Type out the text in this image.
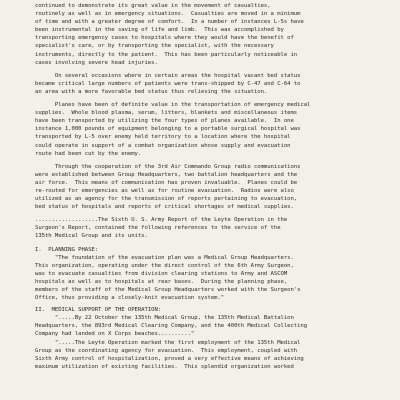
continued to demonstrate its great value in the movement of casualties,
routinely as well as in emergency situations.  Casualties are moved in a minimum
of time and with a greater degree of comfort.  In a number of instances L-5s have
been instrumental in the saving of life and limb.  This was accomplished by
transporting emergency cases to hospitals where they would have the benefit of
specialist's care, or by transporting the specialist, with the necessary
instruments, directly to the patient.  This has been particularly noticeable in
cases involving severe head injuries.
On several occasions where in certain areas the hospital vacant bed status
became critical large numbers of patients were trans-shipped by C-47 and C-64 to
an area with a more favorable bed status thus relieving the situation.
Planes have been of definite value in the transportation of emergency medical
supplies.  Whole blood plasma, serum, litters, blankets and miscellaneous items
have been transported by utilizing the four types of planes available.  In one
instance 1,000 pounds of equipment belonging to a portable surgical hospital was
transported by L-5 over enemy held territory to a location where the hospital
could operate in support of a combat organization whose supply and evacuation
route had been cut by the enemy.
Through the cooperation of the 3rd Air Commando Group radio communications
were established between Group Headquarters, two battalion headquarters and the
air force.  This means of communication has proven invaluable.  Planes could be
re-routed for emergencies as well as for routine evacuation.  Radios were also
utilized as an agency for the transmission of reports pertaining to evacuation,
bed status of hospitals and reports of critical shortages of medical supplies.
...................The Sixth U. S. Army Report of the Leyte Operation in the
Surgeon's Report, contained the following references to the service of the
135th Medical Group and its units.
I.  PLANNING PHASE:
"The foundation of the evacuation plan was a Medical Group Headquarters.
This organization, operating under the direct control of the 6th Army Surgeon,
was to evacuate casualties from division clearing stations to Army and ASCOM
hospitals as well as to hospitals at rear bases.  During the planning phase,
members of the staff of the Medical Group Headquarters worked with the Surgeon's
Office, thus providing a closely-knit evacuation system."
II.  MEDICAL SUPPORT OF THE OPERATION:
".....By 22 October the 135th Medical Group, the 135th Medical Battalion
Headquarters, the 893rd Medical Clearing Company, and the 400th Medical Collecting
Company had landed on X Corps beaches.........."
".....The Leyte Operation marked the first employment of the 135th Medical
Group as the coordinating agency for evacuation.  This employment, coupled with
Sixth Army control of hospitalization, proved a very effective means of achieving
maximum utilization of existing facilities.  This splendid organization worked
